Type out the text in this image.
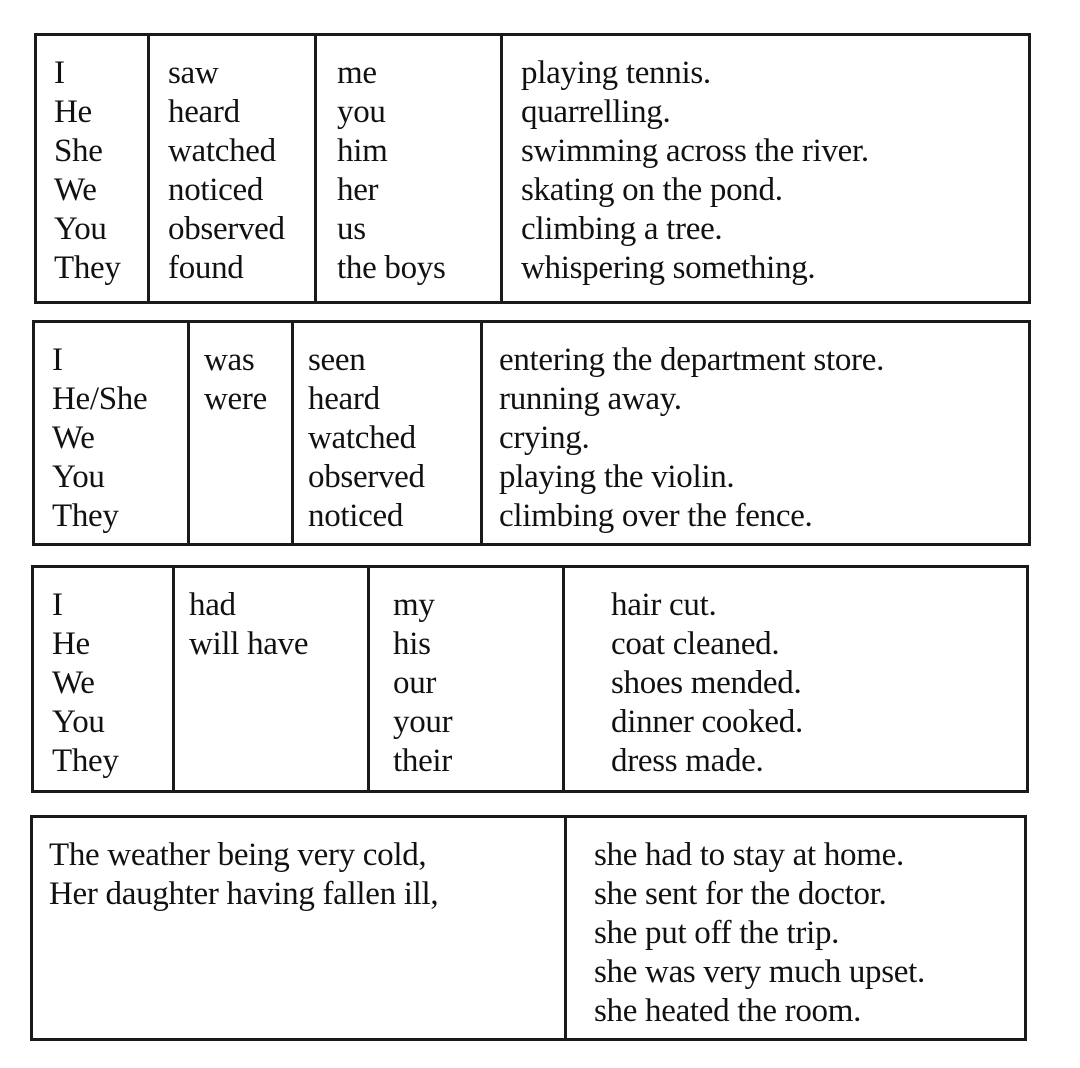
I
He
She
We
You
They
saw
heard
watched
noticed
observed
found
me
you
him
her
us
the boys
playing tennis.
quarrelling.
swimming across the river.
skating on the pond.
climbing a tree.
whispering something.
I
He/She
We
You
They
was
were
seen
heard
watched
observed
noticed
entering the department store.
running away.
crying.
playing the violin.
climbing over the fence.
I
He
We
You
They
had
will have
my
his
our
your
their
hair cut.
coat cleaned.
shoes mended.
dinner cooked.
dress made.
The weather being very cold,
Her daughter having fallen ill,
she had to stay at home.
she sent for the doctor.
she put off the trip.
she was very much upset.
she heated the room.
